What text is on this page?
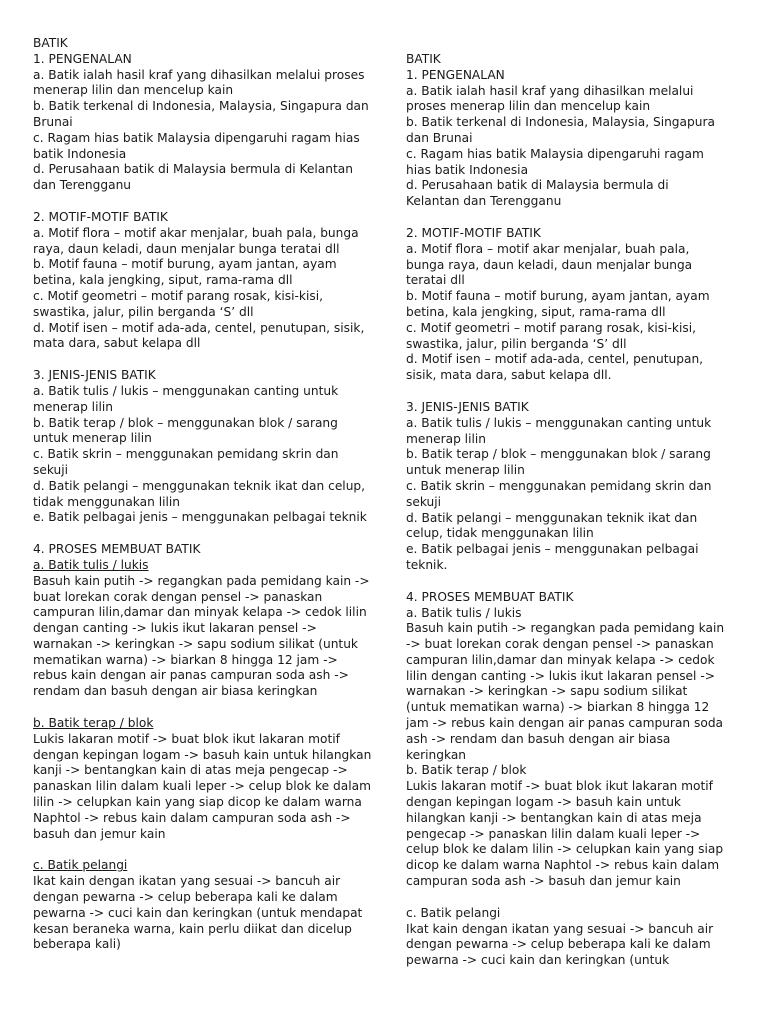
BATIK
1. PENGENALAN
a. Batik ialah hasil kraf yang dihasilkan melalui proses
menerap lilin dan mencelup kain
b. Batik terkenal di Indonesia, Malaysia, Singapura dan
Brunai
c. Ragam hias batik Malaysia dipengaruhi ragam hias
batik Indonesia
d. Perusahaan batik di Malaysia bermula di Kelantan
dan Terengganu
2. MOTIF-MOTIF BATIK
a. Motif flora – motif akar menjalar, buah pala, bunga
raya, daun keladi, daun menjalar bunga teratai dll
b. Motif fauna – motif burung, ayam jantan, ayam
betina, kala jengking, siput, rama-rama dll
c. Motif geometri – motif parang rosak, kisi-kisi,
swastika, jalur, pilin berganda ‘S’ dll
d. Motif isen – motif ada-ada, centel, penutupan, sisik,
mata dara, sabut kelapa dll
3. JENIS-JENIS BATIK
a. Batik tulis / lukis – menggunakan canting untuk
menerap lilin
b. Batik terap / blok – menggunakan blok / sarang
untuk menerap lilin
c. Batik skrin – menggunakan pemidang skrin dan
sekuji
d. Batik pelangi – menggunakan teknik ikat dan celup,
tidak menggunakan lilin
e. Batik pelbagai jenis – menggunakan pelbagai teknik
4. PROSES MEMBUAT BATIK
a. Batik tulis / lukis
Basuh kain putih -> regangkan pada pemidang kain ->
buat lorekan corak dengan pensel -> panaskan
campuran lilin,damar dan minyak kelapa -> cedok lilin
dengan canting -> lukis ikut lakaran pensel ->
warnakan -> keringkan -> sapu sodium silikat (untuk
mematikan warna) -> biarkan 8 hingga 12 jam ->
rebus kain dengan air panas campuran soda ash ->
rendam dan basuh dengan air biasa keringkan
b. Batik terap / blok
Lukis lakaran motif -> buat blok ikut lakaran motif
dengan kepingan logam -> basuh kain untuk hilangkan
kanji -> bentangkan kain di atas meja pengecap ->
panaskan lilin dalam kuali leper -> celup blok ke dalam
lilin -> celupkan kain yang siap dicop ke dalam warna
Naphtol -> rebus kain dalam campuran soda ash ->
basuh dan jemur kain
c. Batik pelangi
Ikat kain dengan ikatan yang sesuai -> bancuh air
dengan pewarna -> celup beberapa kali ke dalam
pewarna -> cuci kain dan keringkan (untuk mendapat
kesan beraneka warna, kain perlu diikat dan dicelup
beberapa kali)
BATIK
1. PENGENALAN
a. Batik ialah hasil kraf yang dihasilkan melalui
proses menerap lilin dan mencelup kain
b. Batik terkenal di Indonesia, Malaysia, Singapura
dan Brunai
c. Ragam hias batik Malaysia dipengaruhi ragam
hias batik Indonesia
d. Perusahaan batik di Malaysia bermula di
Kelantan dan Terengganu
2. MOTIF-MOTIF BATIK
a. Motif flora – motif akar menjalar, buah pala,
bunga raya, daun keladi, daun menjalar bunga
teratai dll
b. Motif fauna – motif burung, ayam jantan, ayam
betina, kala jengking, siput, rama-rama dll
c. Motif geometri – motif parang rosak, kisi-kisi,
swastika, jalur, pilin berganda ‘S’ dll
d. Motif isen – motif ada-ada, centel, penutupan,
sisik, mata dara, sabut kelapa dll.
3. JENIS-JENIS BATIK
a. Batik tulis / lukis – menggunakan canting untuk
menerap lilin
b. Batik terap / blok – menggunakan blok / sarang
untuk menerap lilin
c. Batik skrin – menggunakan pemidang skrin dan
sekuji
d. Batik pelangi – menggunakan teknik ikat dan
celup, tidak menggunakan lilin
e. Batik pelbagai jenis – menggunakan pelbagai
teknik.
4. PROSES MEMBUAT BATIK
a. Batik tulis / lukis
Basuh kain putih -> regangkan pada pemidang kain
-> buat lorekan corak dengan pensel -> panaskan
campuran lilin,damar dan minyak kelapa -> cedok
lilin dengan canting -> lukis ikut lakaran pensel ->
warnakan -> keringkan -> sapu sodium silikat
(untuk mematikan warna) -> biarkan 8 hingga 12
jam -> rebus kain dengan air panas campuran soda
ash -> rendam dan basuh dengan air biasa
keringkan
b. Batik terap / blok
Lukis lakaran motif -> buat blok ikut lakaran motif
dengan kepingan logam -> basuh kain untuk
hilangkan kanji -> bentangkan kain di atas meja
pengecap -> panaskan lilin dalam kuali leper ->
celup blok ke dalam lilin -> celupkan kain yang siap
dicop ke dalam warna Naphtol -> rebus kain dalam
campuran soda ash -> basuh dan jemur kain
c. Batik pelangi
Ikat kain dengan ikatan yang sesuai -> bancuh air
dengan pewarna -> celup beberapa kali ke dalam
pewarna -> cuci kain dan keringkan (untuk
